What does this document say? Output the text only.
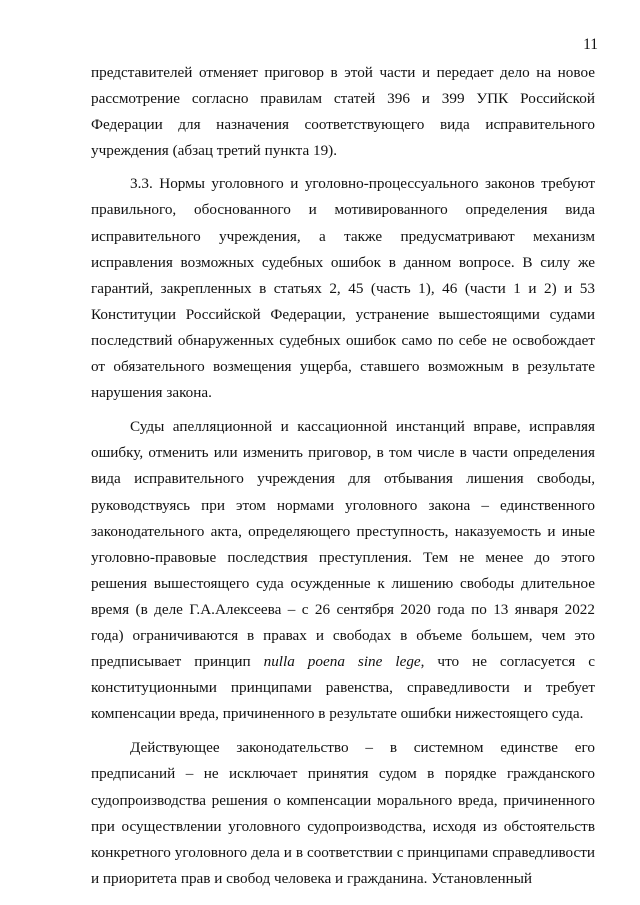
11

представителей отменяет приговор в этой части и передает дело на новое рассмотрение согласно правилам статей 396 и 399 УПК Российской Федерации для назначения соответствующего вида исправительного учреждения (абзац третий пункта 19).

3.3. Нормы уголовного и уголовно-процессуального законов требуют правильного, обоснованного и мотивированного определения вида исправительного учреждения, а также предусматривают механизм исправления возможных судебных ошибок в данном вопросе. В силу же гарантий, закрепленных в статьях 2, 45 (часть 1), 46 (части 1 и 2) и 53 Конституции Российской Федерации, устранение вышестоящими судами последствий обнаруженных судебных ошибок само по себе не освобождает от обязательного возмещения ущерба, ставшего возможным в результате нарушения закона.

Суды апелляционной и кассационной инстанций вправе, исправляя ошибку, отменить или изменить приговор, в том числе в части определения вида исправительного учреждения для отбывания лишения свободы, руководствуясь при этом нормами уголовного закона – единственного законодательного акта, определяющего преступность, наказуемость и иные уголовно-правовые последствия преступления. Тем не менее до этого решения вышестоящего суда осужденные к лишению свободы длительное время (в деле Г.А.Алексеева – с 26 сентября 2020 года по 13 января 2022 года) ограничиваются в правах и свободах в объеме большем, чем это предписывает принцип nulla poena sine lege, что не согласуется с конституционными принципами равенства, справедливости и требует компенсации вреда, причиненного в результате ошибки нижестоящего суда.

Действующее законодательство – в системном единстве его предписаний – не исключает принятия судом в порядке гражданского судопроизводства решения о компенсации морального вреда, причиненного при осуществлении уголовного судопроизводства, исходя из обстоятельств конкретного уголовного дела и в соответствии с принципами справедливости и приоритета прав и свобод человека и гражданина. Установленный
